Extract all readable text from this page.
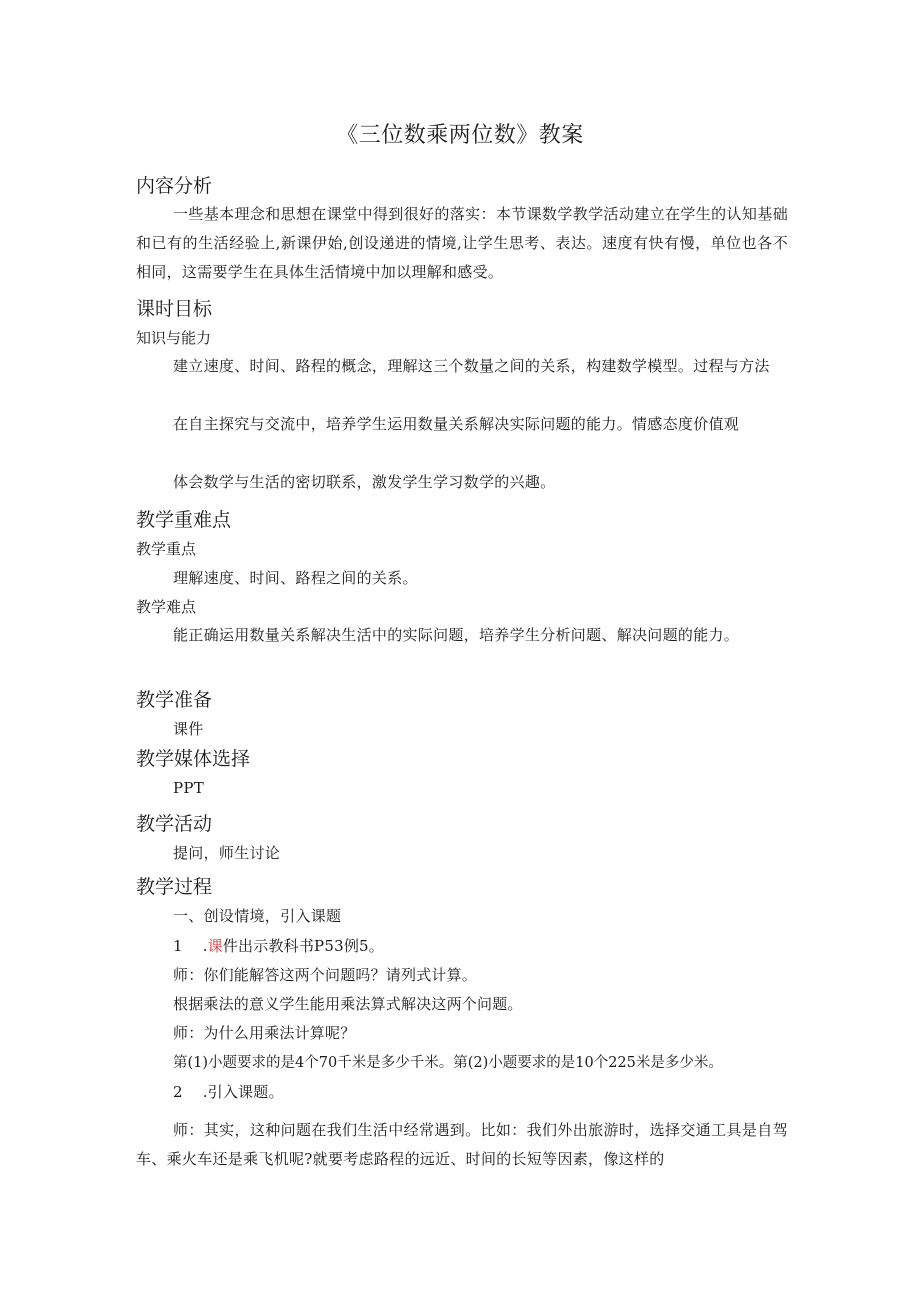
《三位数乘两位数》教案
内容分析
一些基本理念和思想在课堂中得到很好的落实：本节课数学教学活动建立在学生的认知基础和已有的生活经验上,新课伊始,创设递进的情境,让学生思考、表达。速度有快有慢，单位也各不相同，这需要学生在具体生活情境中加以理解和感受。
课时目标
知识与能力
建立速度、时间、路程的概念，理解这三个数量之间的关系，构建数学模型。过程与方法
在自主探究与交流中，培养学生运用数量关系解决实际问题的能力。情感态度价值观
体会数学与生活的密切联系，激发学生学习数学的兴趣。
教学重难点
教学重点
理解速度、时间、路程之间的关系。
教学难点
能正确运用数量关系解决生活中的实际问题，培养学生分析问题、解决问题的能力。
教学准备
课件
教学媒体选择
PPT
教学活动
提问，师生讨论
教学过程
一、创设情境，引入课题
1 .课件出示教科书P53例5。
师：你们能解答这两个问题吗？请列式计算。
根据乘法的意义学生能用乘法算式解决这两个问题。
师：为什么用乘法计算呢？
第(1)小题要求的是4个70千米是多少千米。第(2)小题要求的是10个225米是多少米。
2 .引入课题。
师：其实，这种问题在我们生活中经常遇到。比如：我们外出旅游时，选择交通工具是自驾车、乘火车还是乘飞机呢?就要考虑路程的远近、时间的长短等因素，像这样的
